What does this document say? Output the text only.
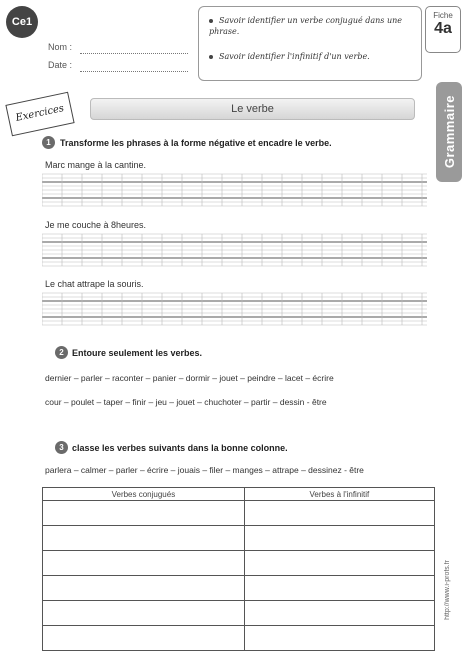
Ce1
Nom :
Date :
Savoir identifier un verbe conjugué dans une phrase.
Savoir identifier l'infinitif d'un verbe.
Fiche
4a
Grammaire
Exercices	Le verbe
1	Transforme les phrases à la forme négative et encadre le verbe.
Marc mange à la cantine.
Je me couche à 8heures.
Le chat attrape la souris.
2 Entoure seulement les verbes.
dernier – parler – raconter – panier – dormir – jouet – peindre – lacet – écrire
cour – poulet – taper – finir – jeu – jouet – chuchoter – partir – dessin - être
3 classe les verbes suivants dans la bonne colonne.
parlera – calmer – parler – écrire – jouais – filer – manges – attrape – dessinez - être
Verbes conjugués	Verbes à l'infinitif

http://www.i-profs.fr
